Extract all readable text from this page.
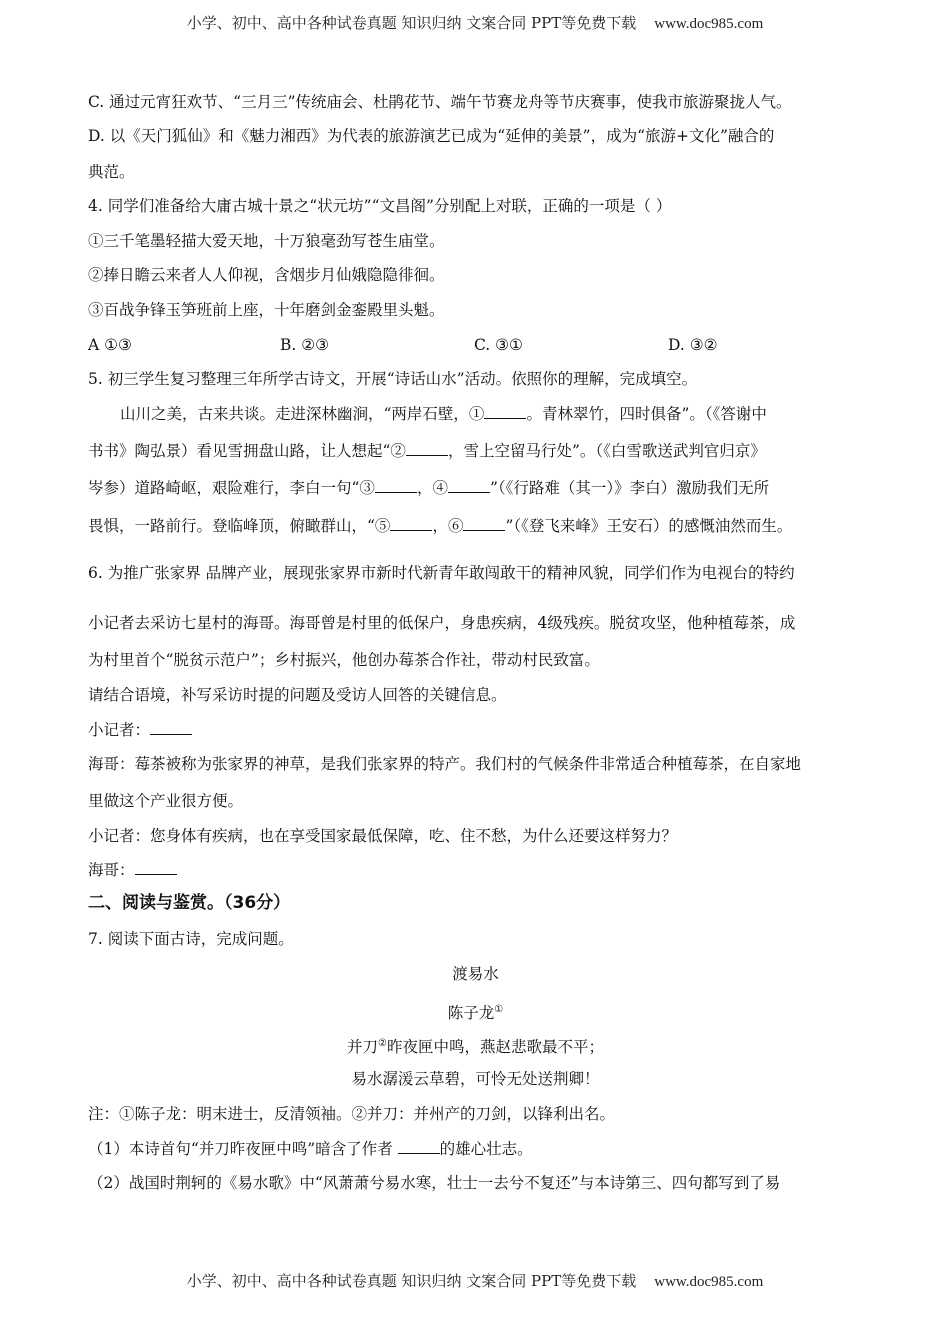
小学、初中、高中各种试卷真题 知识归纳 文案合同 PPT等免费下载 www.doc985.com
C. 通过元宵狂欢节、“三月三”传统庙会、杜鹃花节、端午节赛龙舟等节庆赛事，使我市旅游聚拢人气。
D. 以《天门狐仙》和《魅力湘西》为代表的旅游演艺已成为“延伸的美景”，成为“旅游+文化”融合的
典范。
4. 同学们准备给大庸古城十景之“状元坊”“文昌阁”分别配上对联，正确的一项是（ ）
①三千笔墨轻描大爱天地，十万狼毫劲写苍生庙堂。
②捧日瞻云来者人人仰视，含烟步月仙娥隐隐徘徊。
③百战争锋玉笋班前上座，十年磨剑金銮殿里头魁。
A ①③	B. ②③	C. ③①	D. ③②
5. 初三学生复习整理三年所学古诗文，开展“诗话山水”活动。依照你的理解，完成填空。
山川之美，古来共谈。走进深林幽涧，“两岸石壁，①	。青林翠竹，四时俱备”。（《答谢中
书书》陶弘景）看见雪拥盘山路，让人想起“②	，雪上空留马行处”。（《白雪歌送武判官归京》
岑参）道路崎岖，艰险难行，李白一句“③	，④	”（《行路难（其一）》李白）激励我们无所
畏惧，一路前行。登临峰顶，俯瞰群山，“⑤	，⑥	”（《登飞来峰》王安石）的感慨油然而生。
6. 为推广张家界 品牌产业，展现张家界市新时代新青年敢闯敢干的精神风貌，同学们作为电视台的特约
小记者去采访七星村的海哥。海哥曾是村里的低保户，身患疾病，4级残疾。脱贫攻坚，他种植莓茶，成
为村里首个“脱贫示范户”；乡村振兴，他创办莓茶合作社，带动村民致富。
请结合语境，补写采访时提的问题及受访人回答的关键信息。
小记者：
海哥：莓茶被称为张家界的神草，是我们张家界的特产。我们村的气候条件非常适合种植莓茶，在自家地
里做这个产业很方便。
小记者：您身体有疾病，也在享受国家最低保障，吃、住不愁，为什么还要这样努力？
海哥：
二、阅读与鉴赏。（36分）
7. 阅读下面古诗，完成问题。
渡易水
陈子龙①
并刀②昨夜匣中鸣，燕赵悲歌最不平；
易水潺湲云草碧，可怜无处送荆卿！
注：①陈子龙：明末进士，反清领袖。②并刀：并州产的刀剑，以锋利出名。
（1）本诗首句“并刀昨夜匣中鸣”暗含了作者	的雄心壮志。
（2）战国时荆轲的《易水歌》中“风萧萧兮易水寒，壮士一去兮不复还”与本诗第三、四句都写到了易
小学、初中、高中各种试卷真题 知识归纳 文案合同 PPT等免费下载 www.doc985.com
